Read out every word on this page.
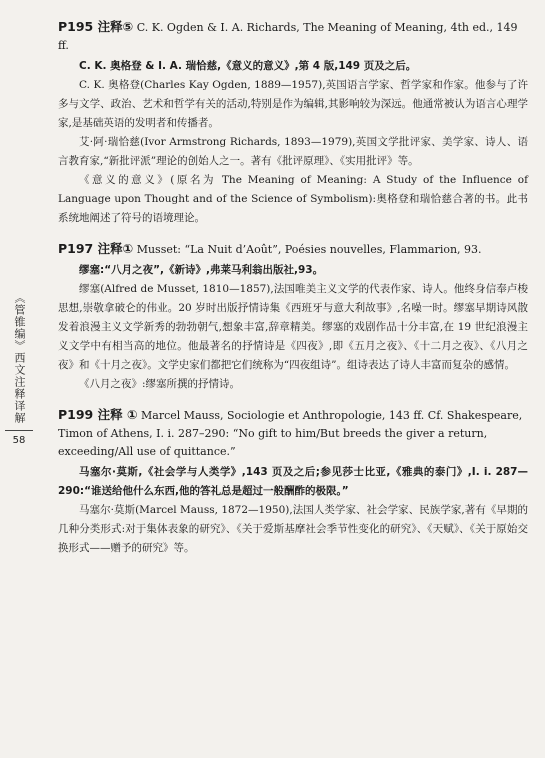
《管锥编》西文注释译解
58

P195 注释⑤ C. K. Ogden & I. A. Richards, The Meaning of Meaning, 4th ed., 149 ff.

C. K. 奥格登 & I. A. 瑞恰慈,《意义的意义》,第 4 版,149 页及之后。

C. K. 奥格登(Charles Kay Ogden, 1889—1957),英国语言学家、哲学家和作家。他参与了许多与文学、政治、艺术和哲学有关的活动,特别是作为编辑,其影响较为深远。他通常被认为语言心理学家,是基础英语的发明者和传播者。

艾·阿·瑞恰慈(Ivor Armstrong Richards, 1893—1979),英国文学批评家、美学家、诗人、语言教育家,“新批评派”理论的创始人之一。著有《批评原理》、《实用批评》等。

《意义的意义》(原名为 The Meaning of Meaning: A Study of the Influence of Language upon Thought and of the Science of Symbolism):奥格登和瑞恰慈合著的书。此书系统地阐述了符号的语境理论。

P197 注释① Musset: “La Nuit d’Août”, Poésies nouvelles, Flammarion, 93.

缪塞:“八月之夜”,《新诗》,弗莱马利翁出版社,93。

缪塞(Alfred de Musset, 1810—1857),法国唯美主义文学的代表作家、诗人。他终身信奉卢梭思想,崇敬拿破仑的伟业。20 岁时出版抒情诗集《西班牙与意大利故事》,名噪一时。缪塞早期诗风散发着浪漫主义文学新秀的勃勃朝气,想象丰富,辞章精美。缪塞的戏剧作品十分丰富,在 19 世纪浪漫主义文学中有相当高的地位。他最著名的抒情诗是《四夜》,即《五月之夜》、《十二月之夜》、《八月之夜》和《十月之夜》。文学史家们都把它们统称为“四夜组诗”。组诗表达了诗人丰富而复杂的感情。

《八月之夜》:缪塞所撰的抒情诗。

P199 注释 ① Marcel Mauss, Sociologie et Anthropologie, 143 ff. Cf. Shakespeare, Timon of Athens, I. i. 287–290: “No gift to him/But breeds the giver a return, exceeding/All use of quittance.”

马塞尔·莫斯,《社会学与人类学》,143 页及之后;参见莎士比亚,《雅典的泰门》,I. i. 287—290:“谁送给他什么东西,他的答礼总是超过一般酬酢的极限。”

马塞尔·莫斯(Marcel Mauss, 1872—1950),法国人类学家、社会学家、民族学家,著有《早期的几种分类形式:对于集体表象的研究》、《关于爱斯基摩社会季节性变化的研究》、《天赋》、《关于原始交换形式——赠予的研究》等。
